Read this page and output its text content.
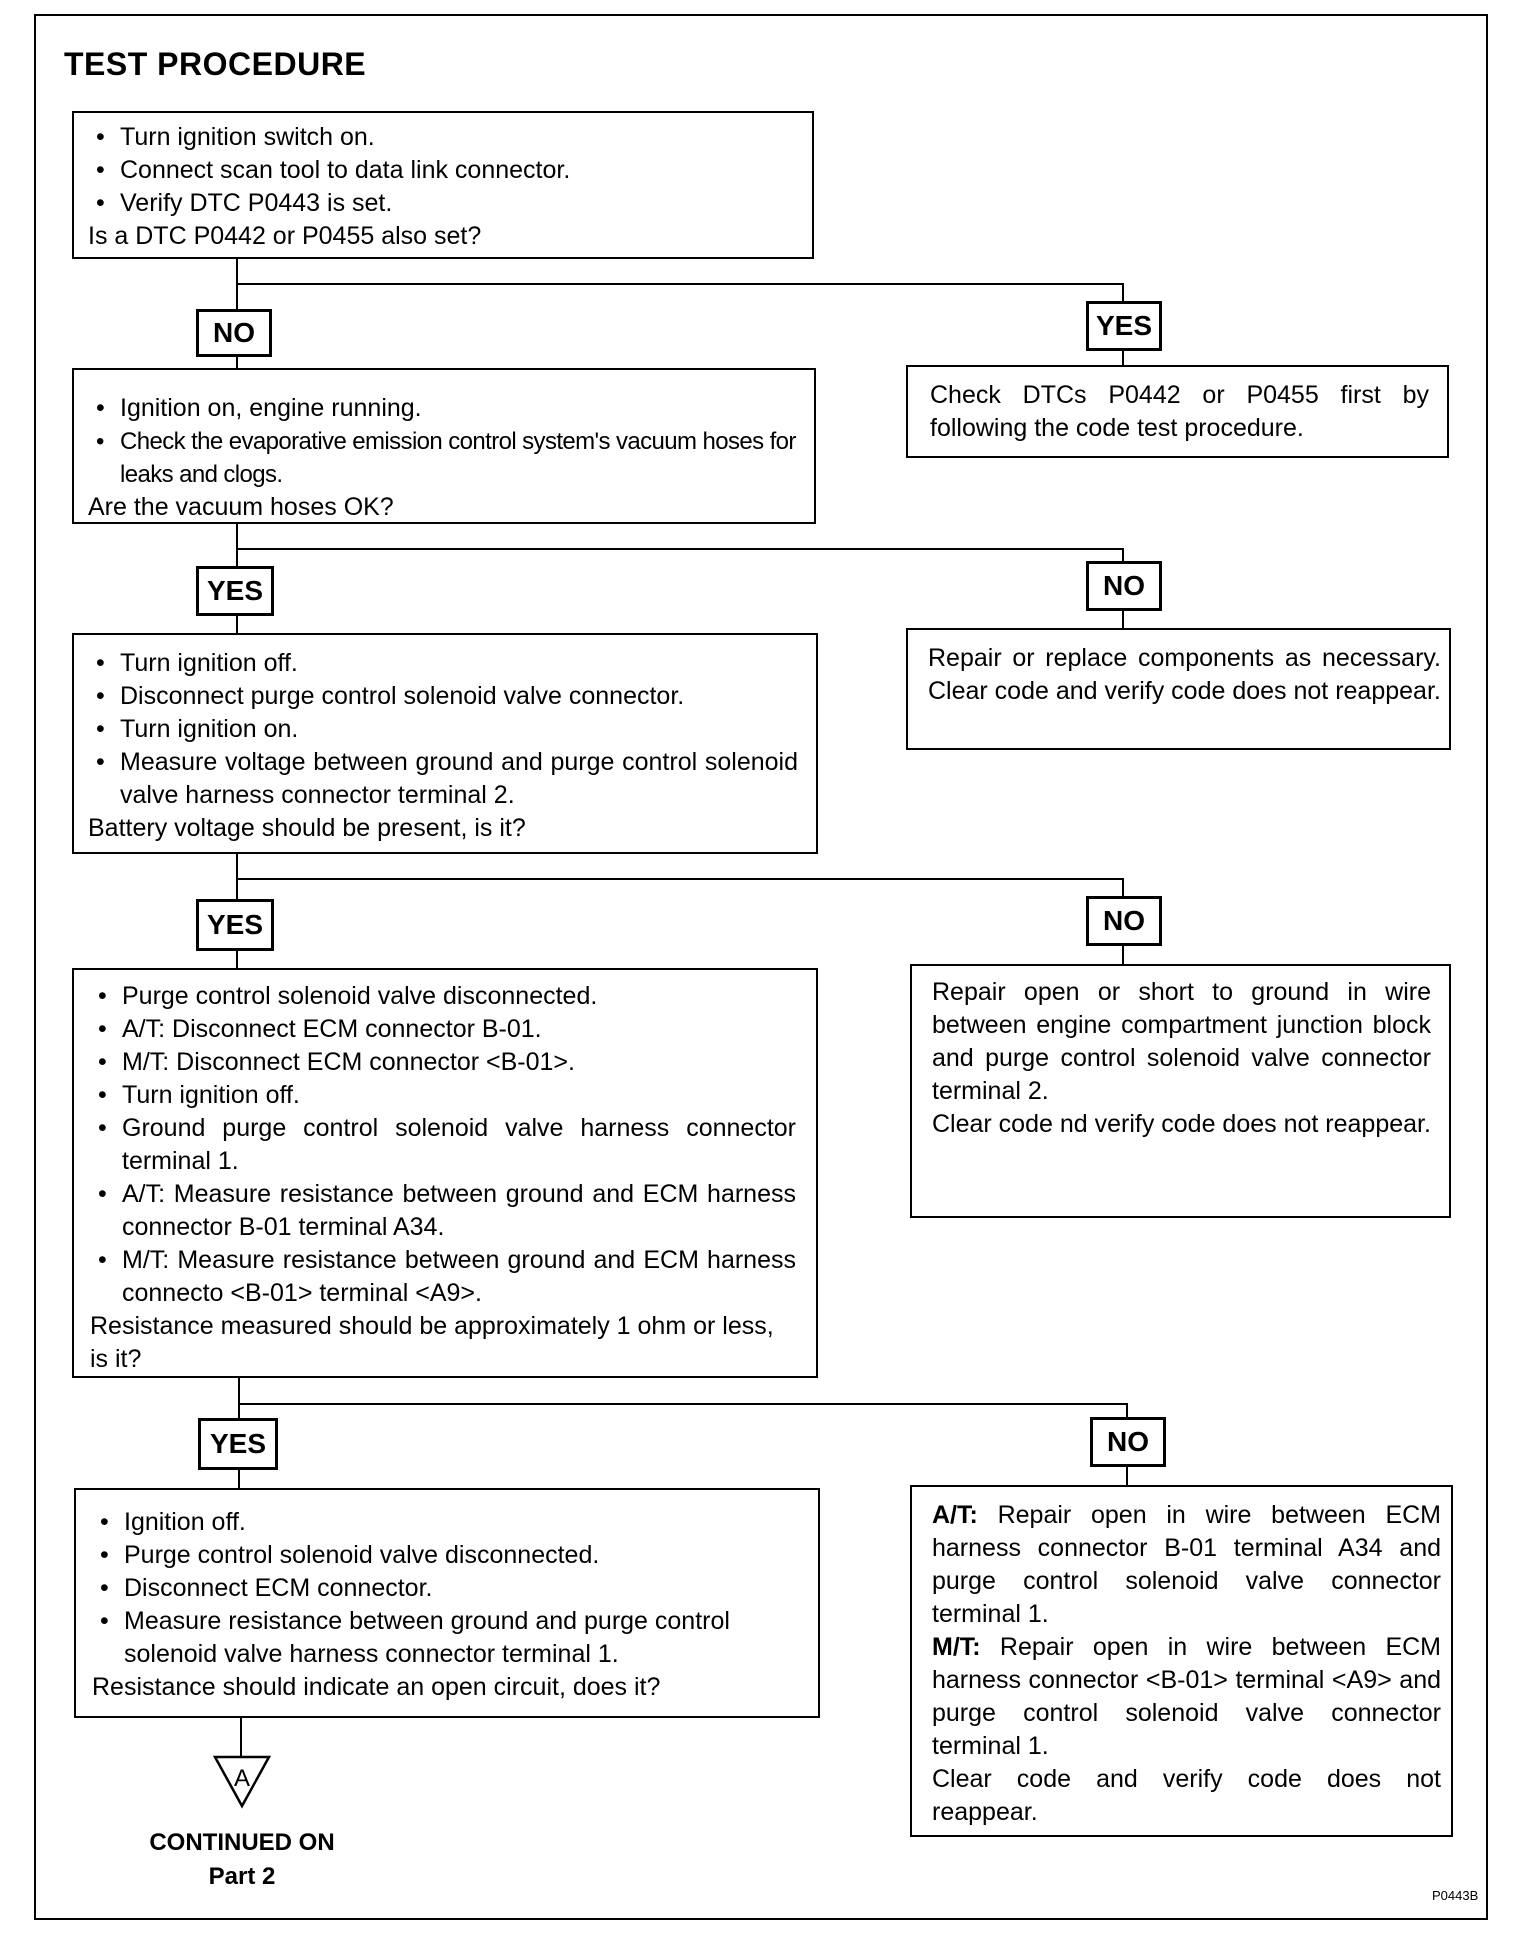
TEST PROCEDURE
• Turn ignition switch on.
• Connect scan tool to data link connector.
• Verify DTC P0443 is set.
Is a DTC P0442 or P0455 also set?
NO	YES
Check DTCs P0442 or P0455 first by following the code test procedure.
• Ignition on, engine running.
• Check the evaporative emission control system's vacuum hoses for leaks and clogs.
Are the vacuum hoses OK?
YES	NO
Repair or replace components as necessary. Clear code and verify code does not reappear.
• Turn ignition off.
• Disconnect purge control solenoid valve connector.
• Turn ignition on.
• Measure voltage between ground and purge control solenoid valve harness connector terminal 2.
Battery voltage should be present, is it?
YES	NO
Repair open or short to ground in wire between engine compartment junction block and purge control solenoid valve connector terminal 2.
Clear code nd verify code does not reappear.
• Purge control solenoid valve disconnected.
• A/T: Disconnect ECM connector B-01.
• M/T: Disconnect ECM connector <B-01>.
• Turn ignition off.
• Ground purge control solenoid valve harness connector terminal 1.
• A/T: Measure resistance between ground and ECM harness connector B-01 terminal A34.
• M/T: Measure resistance between ground and ECM harness connecto <B-01> terminal <A9>.
Resistance measured should be approximately 1 ohm or less, is it?
YES	NO
• Ignition off.
• Purge control solenoid valve disconnected.
• Disconnect ECM connector.
• Measure resistance between ground and purge control solenoid valve harness connector terminal 1.
Resistance should indicate an open circuit, does it?
A/T: Repair open in wire between ECM harness connector B-01 terminal A34 and purge control solenoid valve connector terminal 1.
M/T: Repair open in wire between ECM harness connector <B-01> terminal <A9> and purge control solenoid valve connector terminal 1.
Clear code and verify code does not reappear.
A
CONTINUED ON
Part 2
P0443B
